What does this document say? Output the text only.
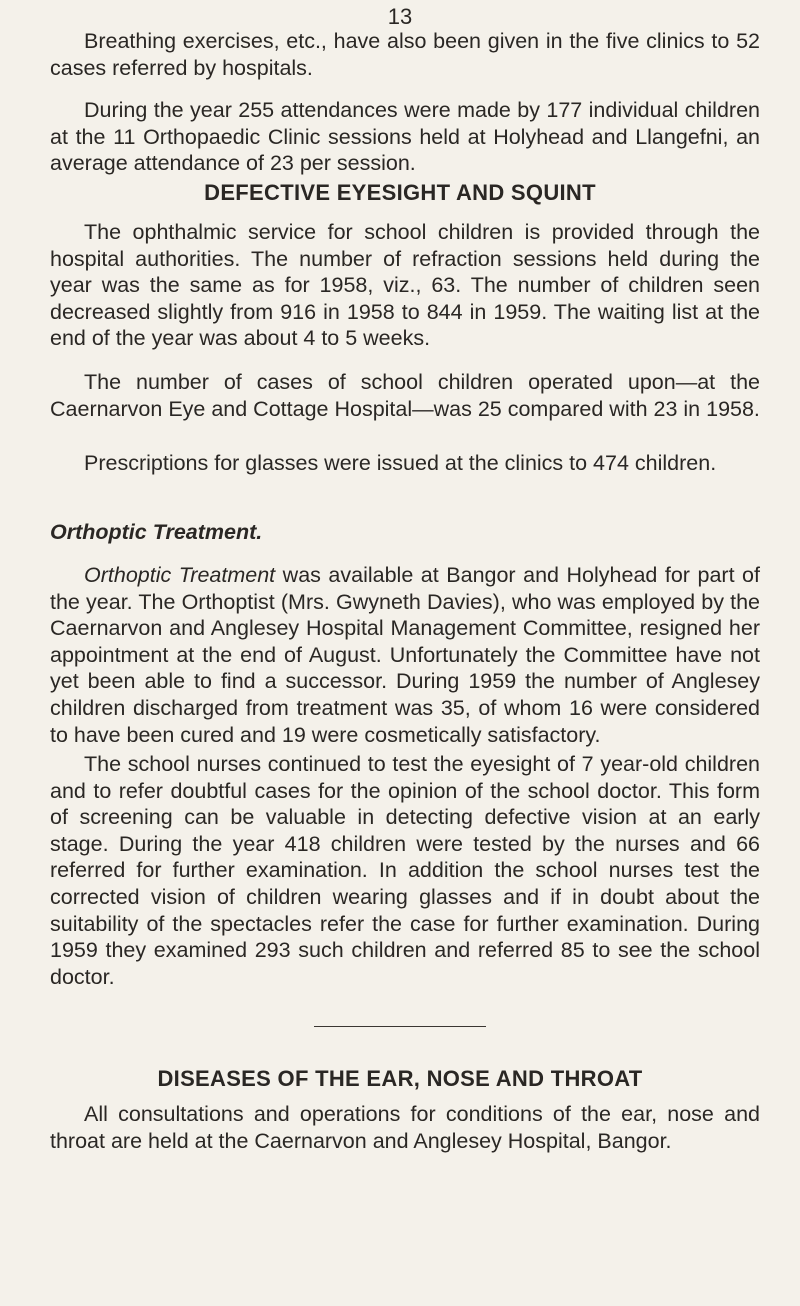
13

Breathing exercises, etc., have also been given in the five clinics to 52 cases referred by hospitals.

During the year 255 attendances were made by 177 individual children at the 11 Orthopaedic Clinic sessions held at Holyhead and Llangefni, an average attendance of 23 per session.

DEFECTIVE EYESIGHT AND SQUINT

The ophthalmic service for school children is provided through the hospital authorities. The number of refraction sessions held during the year was the same as for 1958, viz., 63. The number of children seen decreased slightly from 916 in 1958 to 844 in 1959. The waiting list at the end of the year was about 4 to 5 weeks.

The number of cases of school children operated upon—at the Caernarvon Eye and Cottage Hospital—was 25 compared with 23 in 1958.

Prescriptions for glasses were issued at the clinics to 474 children.

Orthoptic Treatment.

Orthoptic Treatment was available at Bangor and Holyhead for part of the year. The Orthoptist (Mrs. Gwyneth Davies), who was employed by the Caernarvon and Anglesey Hospital Management Committee, resigned her appointment at the end of August. Unfortunately the Committee have not yet been able to find a successor. During 1959 the number of Anglesey children discharged from treatment was 35, of whom 16 were considered to have been cured and 19 were cosmetically satisfactory.

The school nurses continued to test the eyesight of 7 year-old children and to refer doubtful cases for the opinion of the school doctor. This form of screening can be valuable in detecting defective vision at an early stage. During the year 418 children were tested by the nurses and 66 referred for further examination. In addition the school nurses test the corrected vision of children wearing glasses and if in doubt about the suitability of the spectacles refer the case for further examination. During 1959 they examined 293 such children and referred 85 to see the school doctor.

DISEASES OF THE EAR, NOSE AND THROAT

All consultations and operations for conditions of the ear, nose and throat are held at the Caernarvon and Anglesey Hospital, Bangor.
